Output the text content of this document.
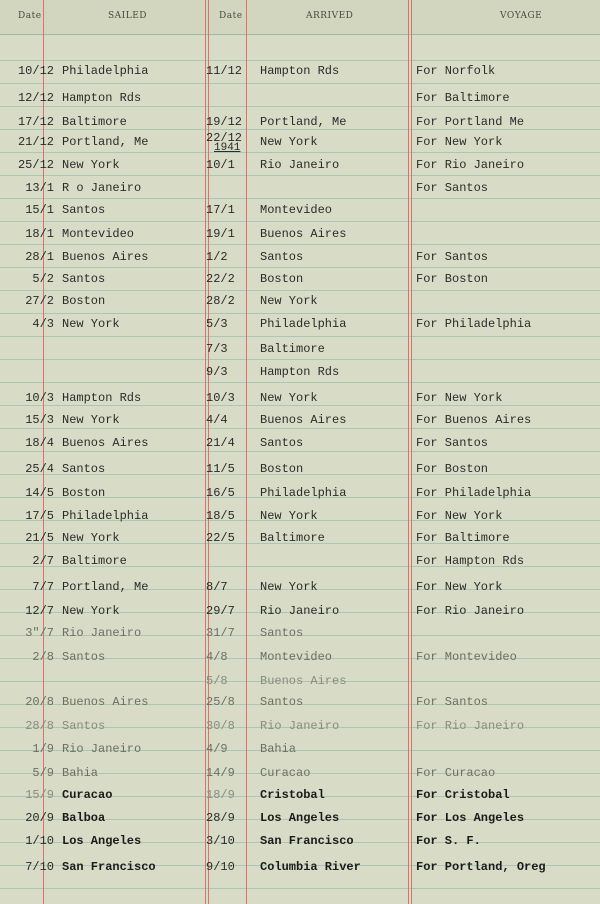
Date	SAILED	Date	ARRIVED	VOYAGE
1941
10/12 Philadelphia	11/12 Hampton Rds	For Norfolk
12/12 Hampton Rds	For Baltimore
17/12 Baltimore	19/12 Portland, Me	For Portland Me
21/12 Portland, Me	22/12 New York	For New York
25/12 New York	10/1 Rio Janeiro	For Rio Janeiro
13/1 R o Janeiro	For Santos
15/1 Santos	17/1 Montevideo
18/1 Montevideo	19/1 Buenos Aires
28/1 Buenos Aires	1/2	Santos	For Santos
5/2 Santos	22/2 Boston	For Boston
27/2 Boston	28/2 New York
4/3 New York	5/3	Philadelphia	For Philadelphia
7/3	Baltimore
9/3	Hampton Rds
10/3 Hampton Rds	10/3 New York	For New York
15/3 New York	4/4	Buenos Aires	For Buenos Aires
18/4 Buenos Aires	21/4 Santos	For Santos
25/4 Santos	11/5 Boston	For Boston
14/5 Boston	16/5 Philadelphia	For Philadelphia
17/5 Philadelphia	18/5 New York	For New York
21/5 New York	22/5 Baltimore	For Baltimore
2/7 Baltimore	For Hampton Rds
7/7 Portland, Me	8/7	New York	For New York
12/7 New York	29/7 Rio Janeiro	For Rio Janeiro
3"/7 Rio Janeiro	31/7 Santos
2/8 Santos	4/8	Montevideo	For Montevideo
5/8	Buenos Aires
20/8 Buenos Aires	25/8 Santos	For Santos
28/8 Santos	30/8 Rio Janeiro	For Rio Janeiro
1/9 Rio Janeiro	4/9	Bahia
5/9 Bahia	14/9 Curacao	For Curacao
15/9 Curacao	18/9 Cristobal	For Cristobal
20/9 Balboa	28/9 Los Angeles	For Los Angeles
1/10 Los Angeles	3/10 San Francisco	For S. F.
7/10 San Francisco	9/10 Columbia River	For Portland, Oreg
